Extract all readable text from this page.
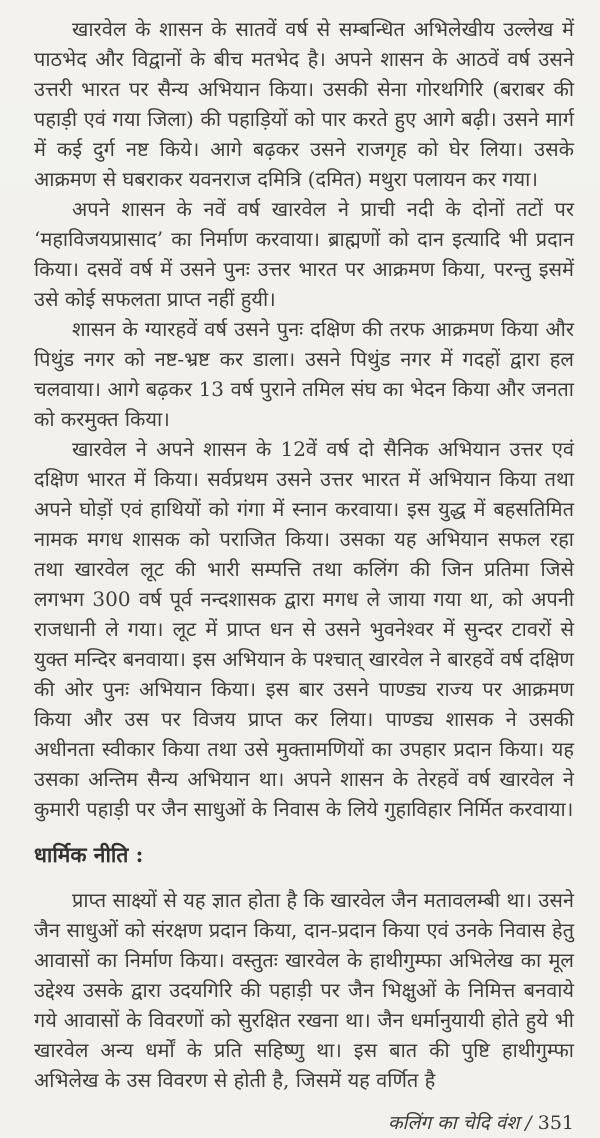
खारवेल के शासन के सातवें वर्ष से सम्बन्धित अभिलेखीय उल्लेख में पाठभेद और विद्वानों के बीच मतभेद है। अपने शासन के आठवें वर्ष उसने उत्तरी भारत पर सैन्य अभियान किया। उसकी सेना गोरथगिरि (बराबर की पहाड़ी एवं गया जिला) की पहाड़ियों को पार करते हुए आगे बढ़ी। उसने मार्ग में कई दुर्ग नष्ट किये। आगे बढ़कर उसने राजगृह को घेर लिया। उसके आक्रमण से घबराकर यवनराज दमित्रि (दमित) मथुरा पलायन कर गया।

अपने शासन के नवें वर्ष खारवेल ने प्राची नदी के दोनों तटों पर ‘महाविजयप्रासाद’ का निर्माण करवाया। ब्राह्मणों को दान इत्यादि भी प्रदान किया। दसवें वर्ष में उसने पुनः उत्तर भारत पर आक्रमण किया, परन्तु इसमें उसे कोई सफलता प्राप्त नहीं हुयी।

शासन के ग्यारहवें वर्ष उसने पुनः दक्षिण की तरफ आक्रमण किया और पिथुंड नगर को नष्ट-भ्रष्ट कर डाला। उसने पिथुंड नगर में गदहों द्वारा हल चलवाया। आगे बढ़कर 13 वर्ष पुराने तमिल संघ का भेदन किया और जनता को करमुक्त किया।

खारवेल ने अपने शासन के 12वें वर्ष दो सैनिक अभियान उत्तर एवं दक्षिण भारत में किया। सर्वप्रथम उसने उत्तर भारत में अभियान किया तथा अपने घोड़ों एवं हाथियों को गंगा में स्नान करवाया। इस युद्ध में बहसतिमित नामक मगध शासक को पराजित किया। उसका यह अभियान सफल रहा तथा खारवेल लूट की भारी सम्पत्ति तथा कलिंग की जिन प्रतिमा जिसे लगभग 300 वर्ष पूर्व नन्दशासक द्वारा मगध ले जाया गया था, को अपनी राजधानी ले गया। लूट में प्राप्त धन से उसने भुवनेश्वर में सुन्दर टावरों से युक्त मन्दिर बनवाया। इस अभियान के पश्चात् खारवेल ने बारहवें वर्ष दक्षिण की ओर पुनः अभियान किया। इस बार उसने पाण्ड्य राज्य पर आक्रमण किया और उस पर विजय प्राप्त कर लिया। पाण्ड्य शासक ने उसकी अधीनता स्वीकार किया तथा उसे मुक्तामणियों का उपहार प्रदान किया। यह उसका अन्तिम सैन्य अभियान था। अपने शासन के तेरहवें वर्ष खारवेल ने कुमारी पहाड़ी पर जैन साधुओं के निवास के लिये गुहाविहार निर्मित करवाया।

धार्मिक नीति :

प्राप्त साक्ष्यों से यह ज्ञात होता है कि खारवेल जैन मतावलम्बी था। उसने जैन साधुओं को संरक्षण प्रदान किया, दान-प्रदान किया एवं उनके निवास हेतु आवासों का निर्माण किया। वस्तुतः खारवेल के हाथीगुम्फा अभिलेख का मूल उद्देश्य उसके द्वारा उदयगिरि की पहाड़ी पर जैन भिक्षुओं के निमित्त बनवाये गये आवासों के विवरणों को सुरक्षित रखना था। जैन धर्मानुयायी होते हुये भी खारवेल अन्य धर्मों के प्रति सहिष्णु था। इस बात की पुष्टि हाथीगुम्फा अभिलेख के उस विवरण से होती है, जिसमें यह वर्णित है

कलिंग का चेदि वंश / 351
